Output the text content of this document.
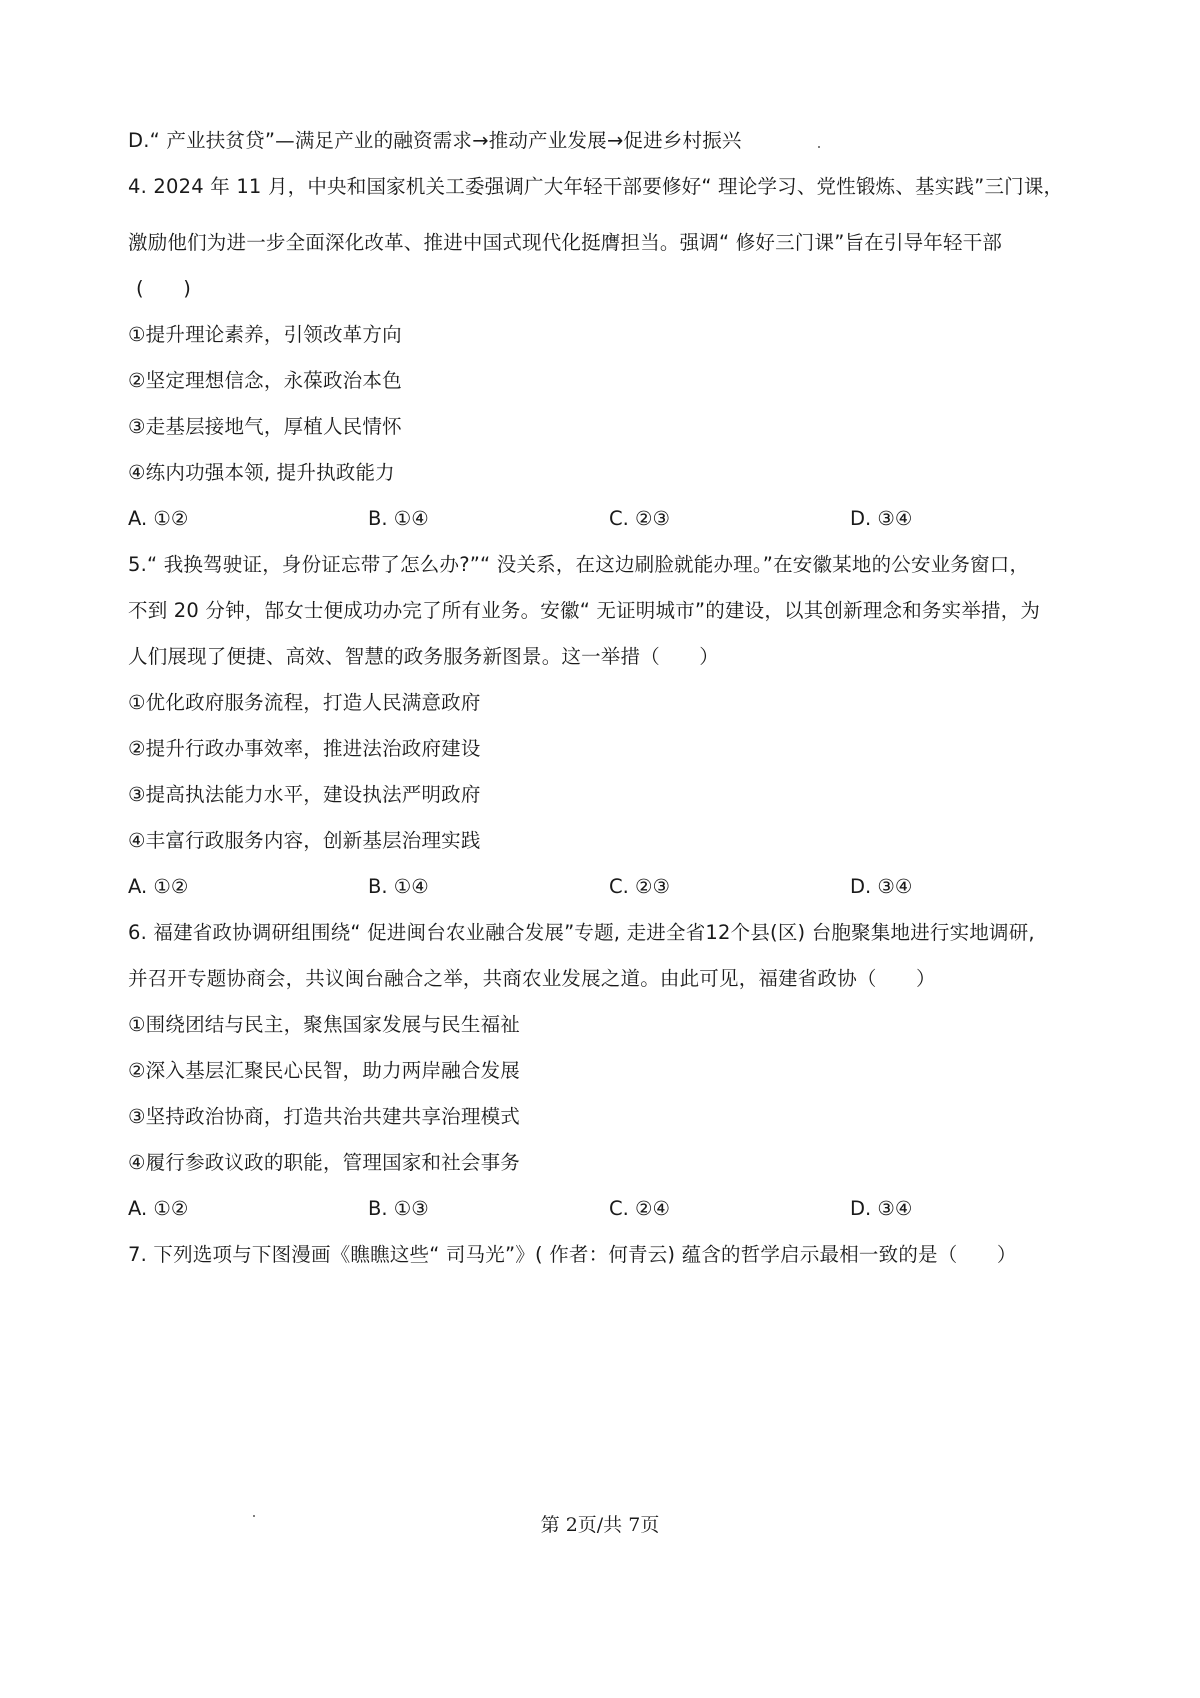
D.“ 产业扶贫贷”—满足产业的融资需求→推动产业发展→促进乡村振兴
4. 2024 年 11 月，中央和国家机关工委强调广大年轻干部要修好“ 理论学习、党性锻炼、基实践”三门课，
激励他们为进一步全面深化改革、推进中国式现代化挺膺担当。强调“ 修好三门课”旨在引导年轻干部
(　　)
①提升理论素养，引领改革方向
②坚定理想信念，永葆政治本色
③走基层接地气，厚植人民情怀
④练内功强本领, 提升执政能力
A. ①②	B. ①④	C. ②③	D. ③④
5.“ 我换驾驶证，身份证忘带了怎么办?”“ 没关系，在这边刷脸就能办理。”在安徽某地的公安业务窗口，
不到 20 分钟，郜女士便成功办完了所有业务。安徽“ 无证明城市”的建设，以其创新理念和务实举措，为
人们展现了便捷、高效、智慧的政务服务新图景。这一举措（　　）
①优化政府服务流程，打造人民满意政府
②提升行政办事效率，推进法治政府建设
③提高执法能力水平，建设执法严明政府
④丰富行政服务内容，创新基层治理实践
A. ①②	B. ①④	C. ②③	D. ③④
6. 福建省政协调研组围绕“ 促进闽台农业融合发展”专题, 走进全省12个县(区) 台胞聚集地进行实地调研,
并召开专题协商会，共议闽台融合之举，共商农业发展之道。由此可见，福建省政协（　　）
①围绕团结与民主，聚焦国家发展与民生福祉
②深入基层汇聚民心民智，助力两岸融合发展
③坚持政治协商，打造共治共建共享治理模式
④履行参政议政的职能，管理国家和社会事务
A. ①②	B. ①③	C. ②④	D. ③④
7. 下列选项与下图漫画《瞧瞧这些“ 司马光”》( 作者：何青云) 蕴含的哲学启示最相一致的是（　　）
第 2页/共 7页
